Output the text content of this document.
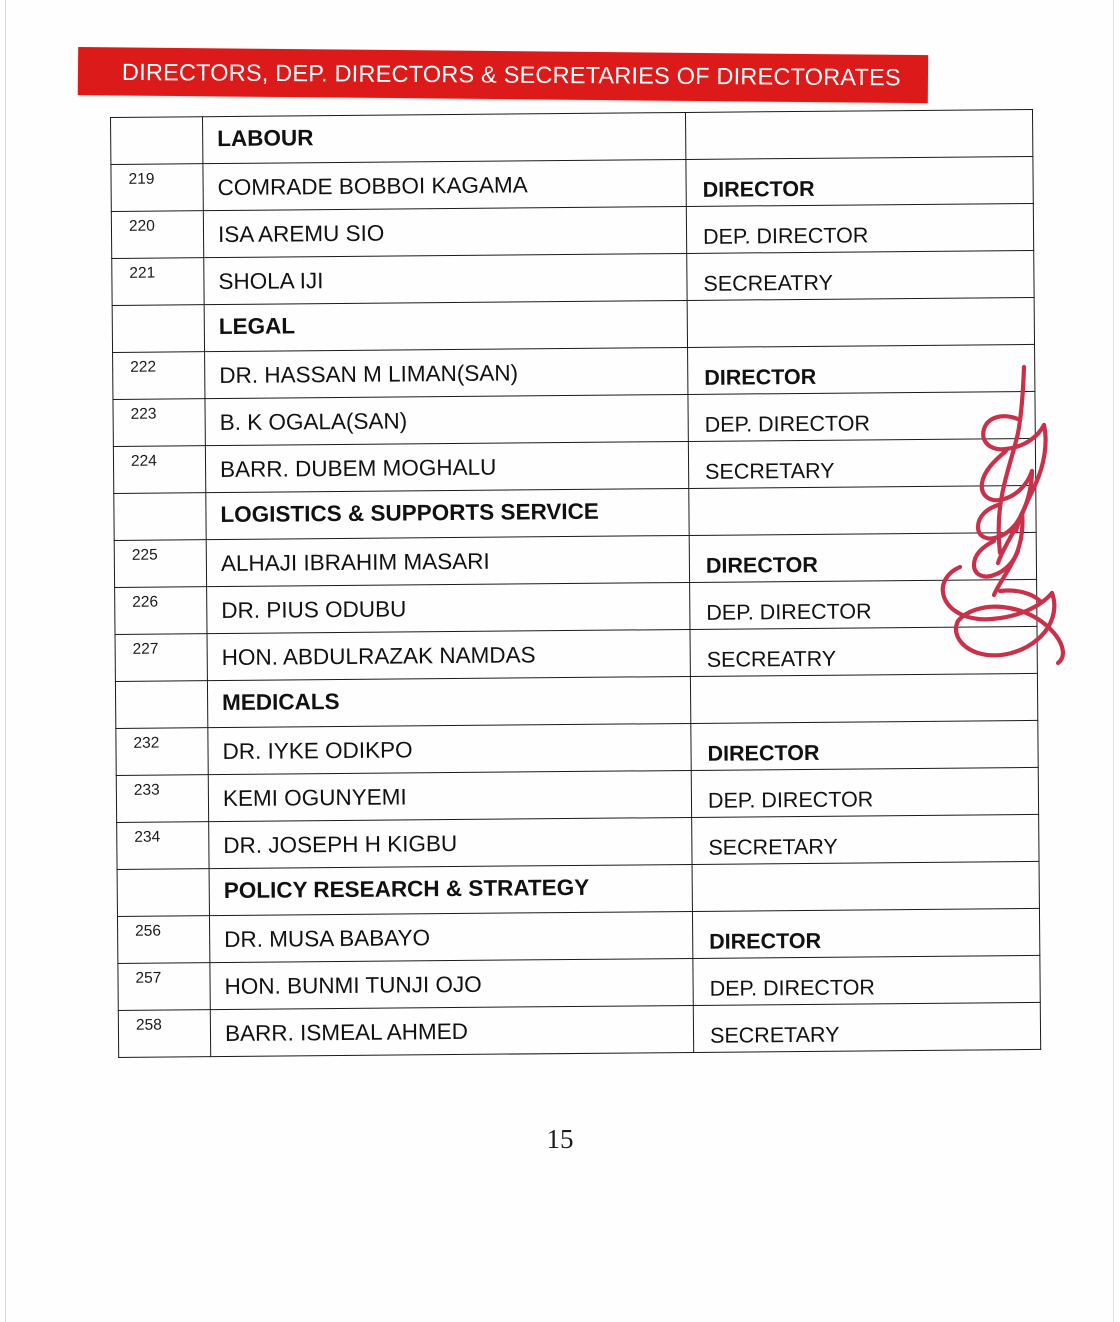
DIRECTORS, DEP. DIRECTORS & SECRETARIES OF DIRECTORATES

	LABOUR	

219	COMRADE BOBBOI KAGAMA	DIRECTOR

220	ISA AREMU SIO	DEP. DIRECTOR

221	SHOLA IJI	SECREATRY

	LEGAL	

222	DR. HASSAN M LIMAN(SAN)	DIRECTOR

223	B. K OGALA(SAN)	DEP. DIRECTOR

224	BARR. DUBEM MOGHALU	SECRETARY

	LOGISTICS & SUPPORTS SERVICE	

225	ALHAJI IBRAHIM MASARI	DIRECTOR

226	DR. PIUS ODUBU	DEP. DIRECTOR

227	HON. ABDULRAZAK NAMDAS	SECREATRY

	MEDICALS	

232	DR. IYKE ODIKPO	DIRECTOR

233	KEMI OGUNYEMI	DEP. DIRECTOR

234	DR. JOSEPH H KIGBU	SECRETARY

	POLICY RESEARCH & STRATEGY	

256	DR. MUSA BABAYO	DIRECTOR

257	HON. BUNMI TUNJI OJO	DEP. DIRECTOR

258	BARR. ISMEAL AHMED	SECRETARY
15
